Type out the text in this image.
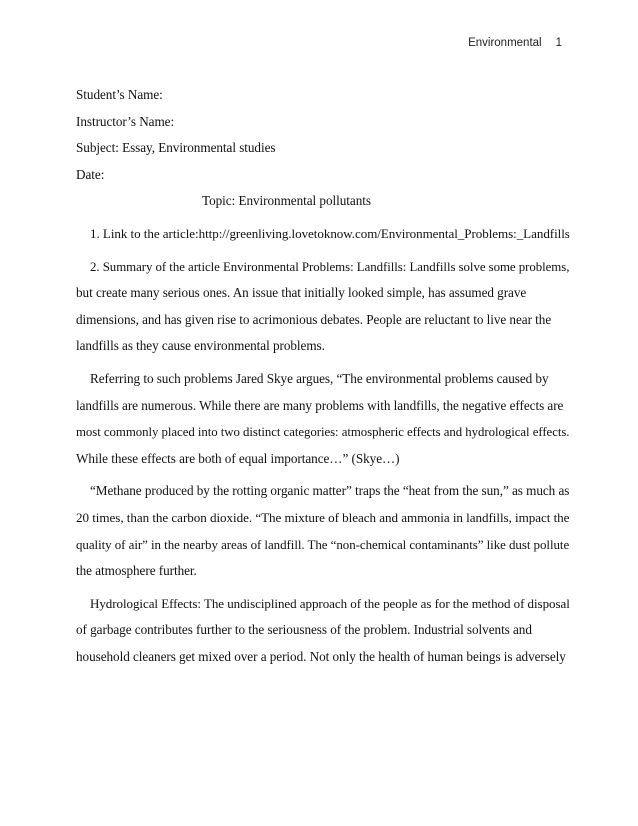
Environmental 1
Student’s Name:
Instructor’s Name:
Subject: Essay, Environmental studies
Date:
Topic: Environmental pollutants
1. Link to the article:http://greenliving.lovetoknow.com/Environmental_Problems:_Landfills
2. Summary of the article Environmental Problems: Landfills: Landfills solve some problems,
but create many serious ones. An issue that initially looked simple, has assumed grave
dimensions, and has given rise to acrimonious debates. People are reluctant to live near the
landfills as they cause environmental problems.
Referring to such problems Jared Skye argues, “The environmental problems caused by
landfills are numerous. While there are many problems with landfills, the negative effects are
most commonly placed into two distinct categories: atmospheric effects and hydrological effects.
While these effects are both of equal importance…” (Skye…)
“Methane produced by the rotting organic matter” traps the “heat from the sun,” as much as
20 times, than the carbon dioxide. “The mixture of bleach and ammonia in landfills, impact the
quality of air” in the nearby areas of landfill. The “non-chemical contaminants” like dust pollute
the atmosphere further.
Hydrological Effects: The undisciplined approach of the people as for the method of disposal
of garbage contributes further to the seriousness of the problem. Industrial solvents and
household cleaners get mixed over a period. Not only the health of human beings is adversely
